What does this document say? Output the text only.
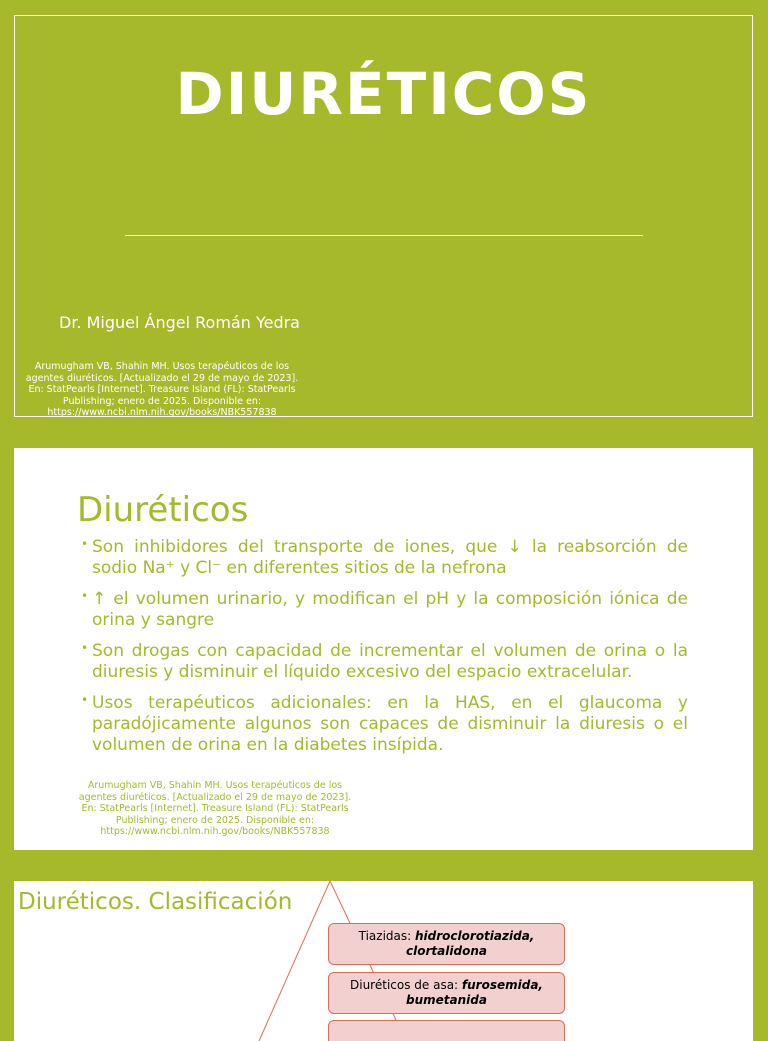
DIURÉTICOS
Dr. Miguel Ángel Román Yedra
Arumugham VB, Shahin MH. Usos terapéuticos de los agentes diuréticos. [Actualizado el 29 de mayo de 2023]. En: StatPearls [Internet]. Treasure Island (FL): StatPearls Publishing; enero de 2025. Disponible en: https://www.ncbi.nlm.nih.gov/books/NBK557838
Diuréticos
• Son inhibidores del transporte de iones, que ↓ la reabsorción de sodio Na⁺ y Cl⁻ en diferentes sitios de la nefrona
• ↑ el volumen urinario, y modifican el pH y la composición iónica de orina y sangre
• Son drogas con capacidad de incrementar el volumen de orina o la diuresis y disminuir el líquido excesivo del espacio extracelular.
• Usos terapéuticos adicionales: en la HAS, en el glaucoma y paradójicamente algunos son capaces de disminuir la diuresis o el volumen de orina en la diabetes insípida.
Arumugham VB, Shahin MH. Usos terapéuticos de los agentes diuréticos. [Actualizado el 29 de mayo de 2023]. En: StatPearls [Internet]. Treasure Island (FL): StatPearls Publishing; enero de 2025. Disponible en: https://www.ncbi.nlm.nih.gov/books/NBK557838
Diuréticos. Clasificación
Tiazidas: hidroclorotiazida, clortalidona
Diuréticos de asa: furosemida, bumetanida
